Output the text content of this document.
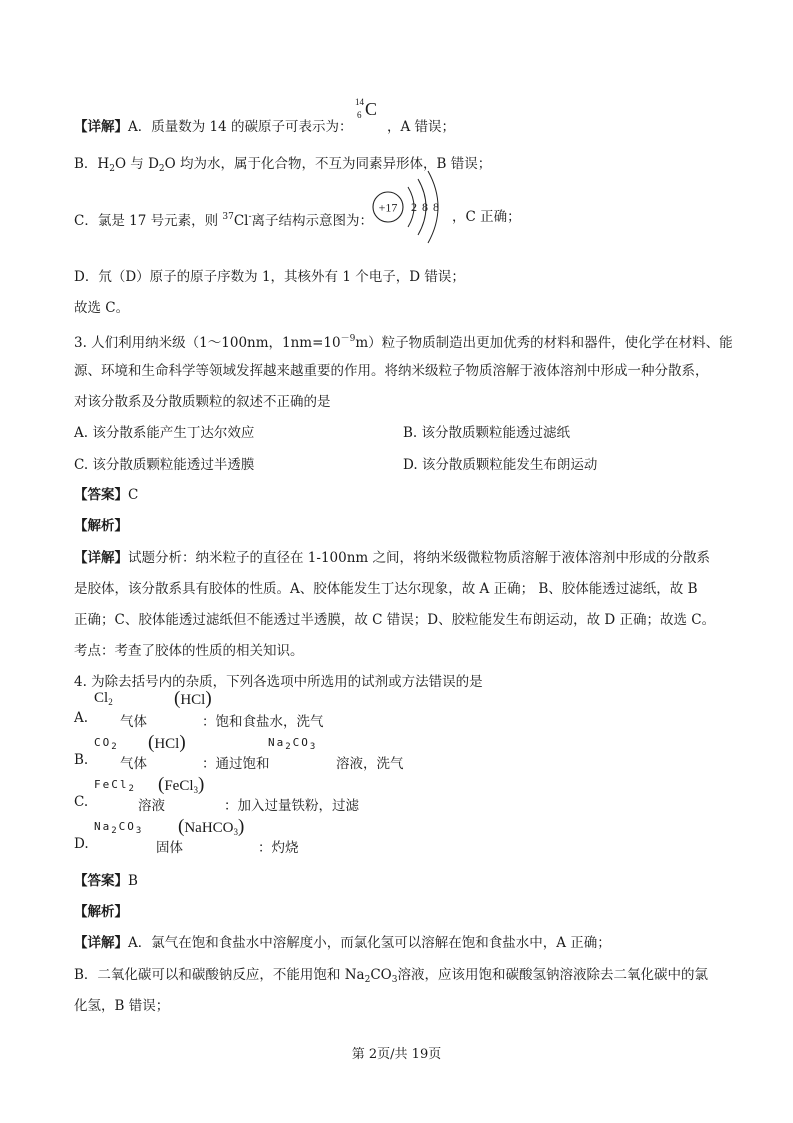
【详解】A．质量数为 14 的碳原子可表示为：
14
6 C
，A 错误；
B．$H_2O$ 与 $D_2O$ 均为水，属于化合物，不互为同素异形体，B 错误；
C．氯是 17 号元素，则 $^{37}$Cl-离子结构示意图为：
+17 2 8 8
，C 正确；
D．氘（D）原子的原子序数为 1，其核外有 1 个电子，D 错误；
故选 C。
3. 人们利用纳米级（1～100nm，$1nm=10^{-9}m$）粒子物质制造出更加优秀的材料和器件，使化学在材料、能
源、环境和生命科学等领域发挥越来越重要的作用。将纳米级粒子物质溶解于液体溶剂中形成一种分散系，
对该分散系及分散质颗粒的叙述不正确的是
A. 该分散系能产生丁达尔效应	B. 该分散质颗粒能透过滤纸
C. 该分散质颗粒能透过半透膜	D. 该分散质颗粒能发生布朗运动
【答案】C
【解析】
【详解】试题分析：纳米粒子的直径在 1-100nm 之间，将纳米级微粒物质溶解于液体溶剂中形成的分散系
是胶体，该分散系具有胶体的性质。A、胶体能发生丁达尔现象，故 A 正确； B、胶体能透过滤纸，故 B
正确；C、胶体能透过滤纸但不能透过半透膜，故 C 错误；D、胶粒能发生布朗运动，故 D 正确；故选 C。
考点：考查了胶体的性质的相关知识。
4. 为除去括号内的杂质，下列各选项中所选用的试剂或方法错误的是
A.
$Cl_2$
气体
(HCl)
：饱和食盐水，洗气
B.
$CO_2$
气体
(HCl)
：通过饱和
$Na_2CO_3$
溶液，洗气
C.
FeCl$_2$
溶液
(FeCl$_3$)
：加入过量铁粉，过滤
D.
$Na_2CO_3$
固体
(NaHCO$_3$)
：灼烧
【答案】B
【解析】
【详解】A．氯气在饱和食盐水中溶解度小，而氯化氢可以溶解在饱和食盐水中，A 正确；
B．二氧化碳可以和碳酸钠反应，不能用饱和 $Na_2CO_3$溶液，应该用饱和碳酸氢钠溶液除去二氧化碳中的氯
化氢，B 错误；
第 2页/共 19页
